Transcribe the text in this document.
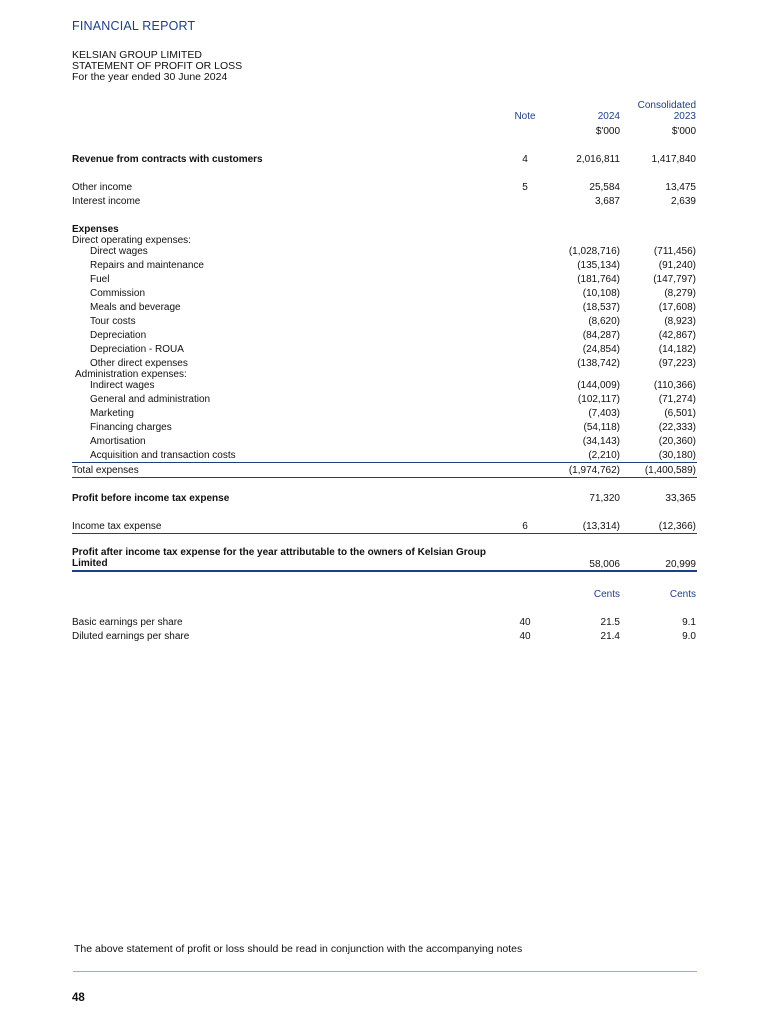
FINANCIAL REPORT
KELSIAN GROUP LIMITED
STATEMENT OF PROFIT OR LOSS
For the year ended 30 June 2024
Consolidated
Note	2024	2023
$'000	$'000
Revenue from contracts with customers	4	2,016,811	1,417,840
Other income	5	25,584	13,475
Interest income	3,687	2,639
Expenses
Direct operating expenses:
Direct wages	(1,028,716)	(711,456)
Repairs and maintenance	(135,134)	(91,240)
Fuel	(181,764)	(147,797)
Commission	(10,108)	(8,279)
Meals and beverage	(18,537)	(17,608)
Tour costs	(8,620)	(8,923)
Depreciation	(84,287)	(42,867)
Depreciation - ROUA	(24,854)	(14,182)
Other direct expenses	(138,742)	(97,223)
Administration expenses:
Indirect wages	(144,009)	(110,366)
General and administration	(102,117)	(71,274)
Marketing	(7,403)	(6,501)
Financing charges	(54,118)	(22,333)
Amortisation	(34,143)	(20,360)
Acquisition and transaction costs	(2,210)	(30,180)
Total expenses	(1,974,762) (1,400,589)
Profit before income tax expense	71,320	33,365
Income tax expense	6	(13,314)	(12,366)
Profit after income tax expense for the year attributable to the owners of Kelsian Group
Limited	58,006	20,999
Cents	Cents
Basic earnings per share	40	21.5	9.1
Diluted earnings per share	40	21.4	9.0
The above statement of profit or loss should be read in conjunction with the accompanying notes
48
